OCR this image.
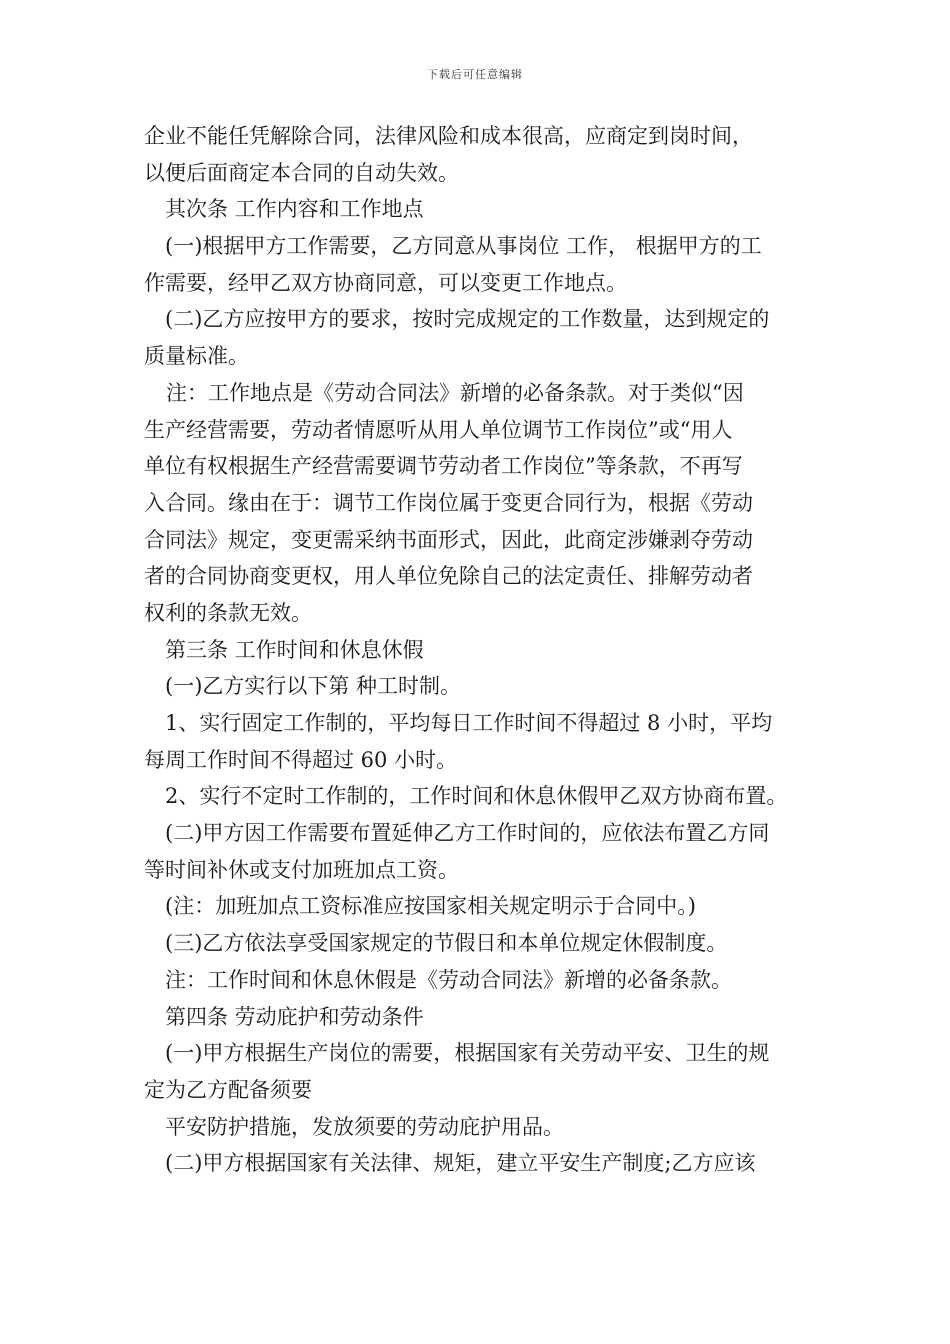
下载后可任意编辑
企业不能任凭解除合同，法律风险和成本很高，应商定到岗时间，
以便后面商定本合同的自动失效。
其次条 工作内容和工作地点
(一)根据甲方工作需要，乙方同意从事岗位 工作， 根据甲方的工
作需要，经甲乙双方协商同意，可以变更工作地点。
(二)乙方应按甲方的要求，按时完成规定的工作数量，达到规定的
质量标准。
注：工作地点是《劳动合同法》新增的必备条款。对于类似“因
生产经营需要，劳动者情愿听从用人单位调节工作岗位”或“用人
单位有权根据生产经营需要调节劳动者工作岗位”等条款，不再写
入合同。缘由在于：调节工作岗位属于变更合同行为，根据《劳动
合同法》规定，变更需采纳书面形式，因此，此商定涉嫌剥夺劳动
者的合同协商变更权，用人单位免除自己的法定责任、排解劳动者
权利的条款无效。
第三条 工作时间和休息休假
(一)乙方实行以下第 种工时制。
1、实行固定工作制的，平均每日工作时间不得超过 8 小时，平均
每周工作时间不得超过 60 小时。
2、实行不定时工作制的，工作时间和休息休假甲乙双方协商布置。
(二)甲方因工作需要布置延伸乙方工作时间的，应依法布置乙方同
等时间补休或支付加班加点工资。
(注：加班加点工资标准应按国家相关规定明示于合同中。)
(三)乙方依法享受国家规定的节假日和本单位规定休假制度。
注：工作时间和休息休假是《劳动合同法》新增的必备条款。
第四条 劳动庇护和劳动条件
(一)甲方根据生产岗位的需要，根据国家有关劳动平安、卫生的规
定为乙方配备须要
平安防护措施，发放须要的劳动庇护用品。
(二)甲方根据国家有关法律、规矩，建立平安生产制度;乙方应该
